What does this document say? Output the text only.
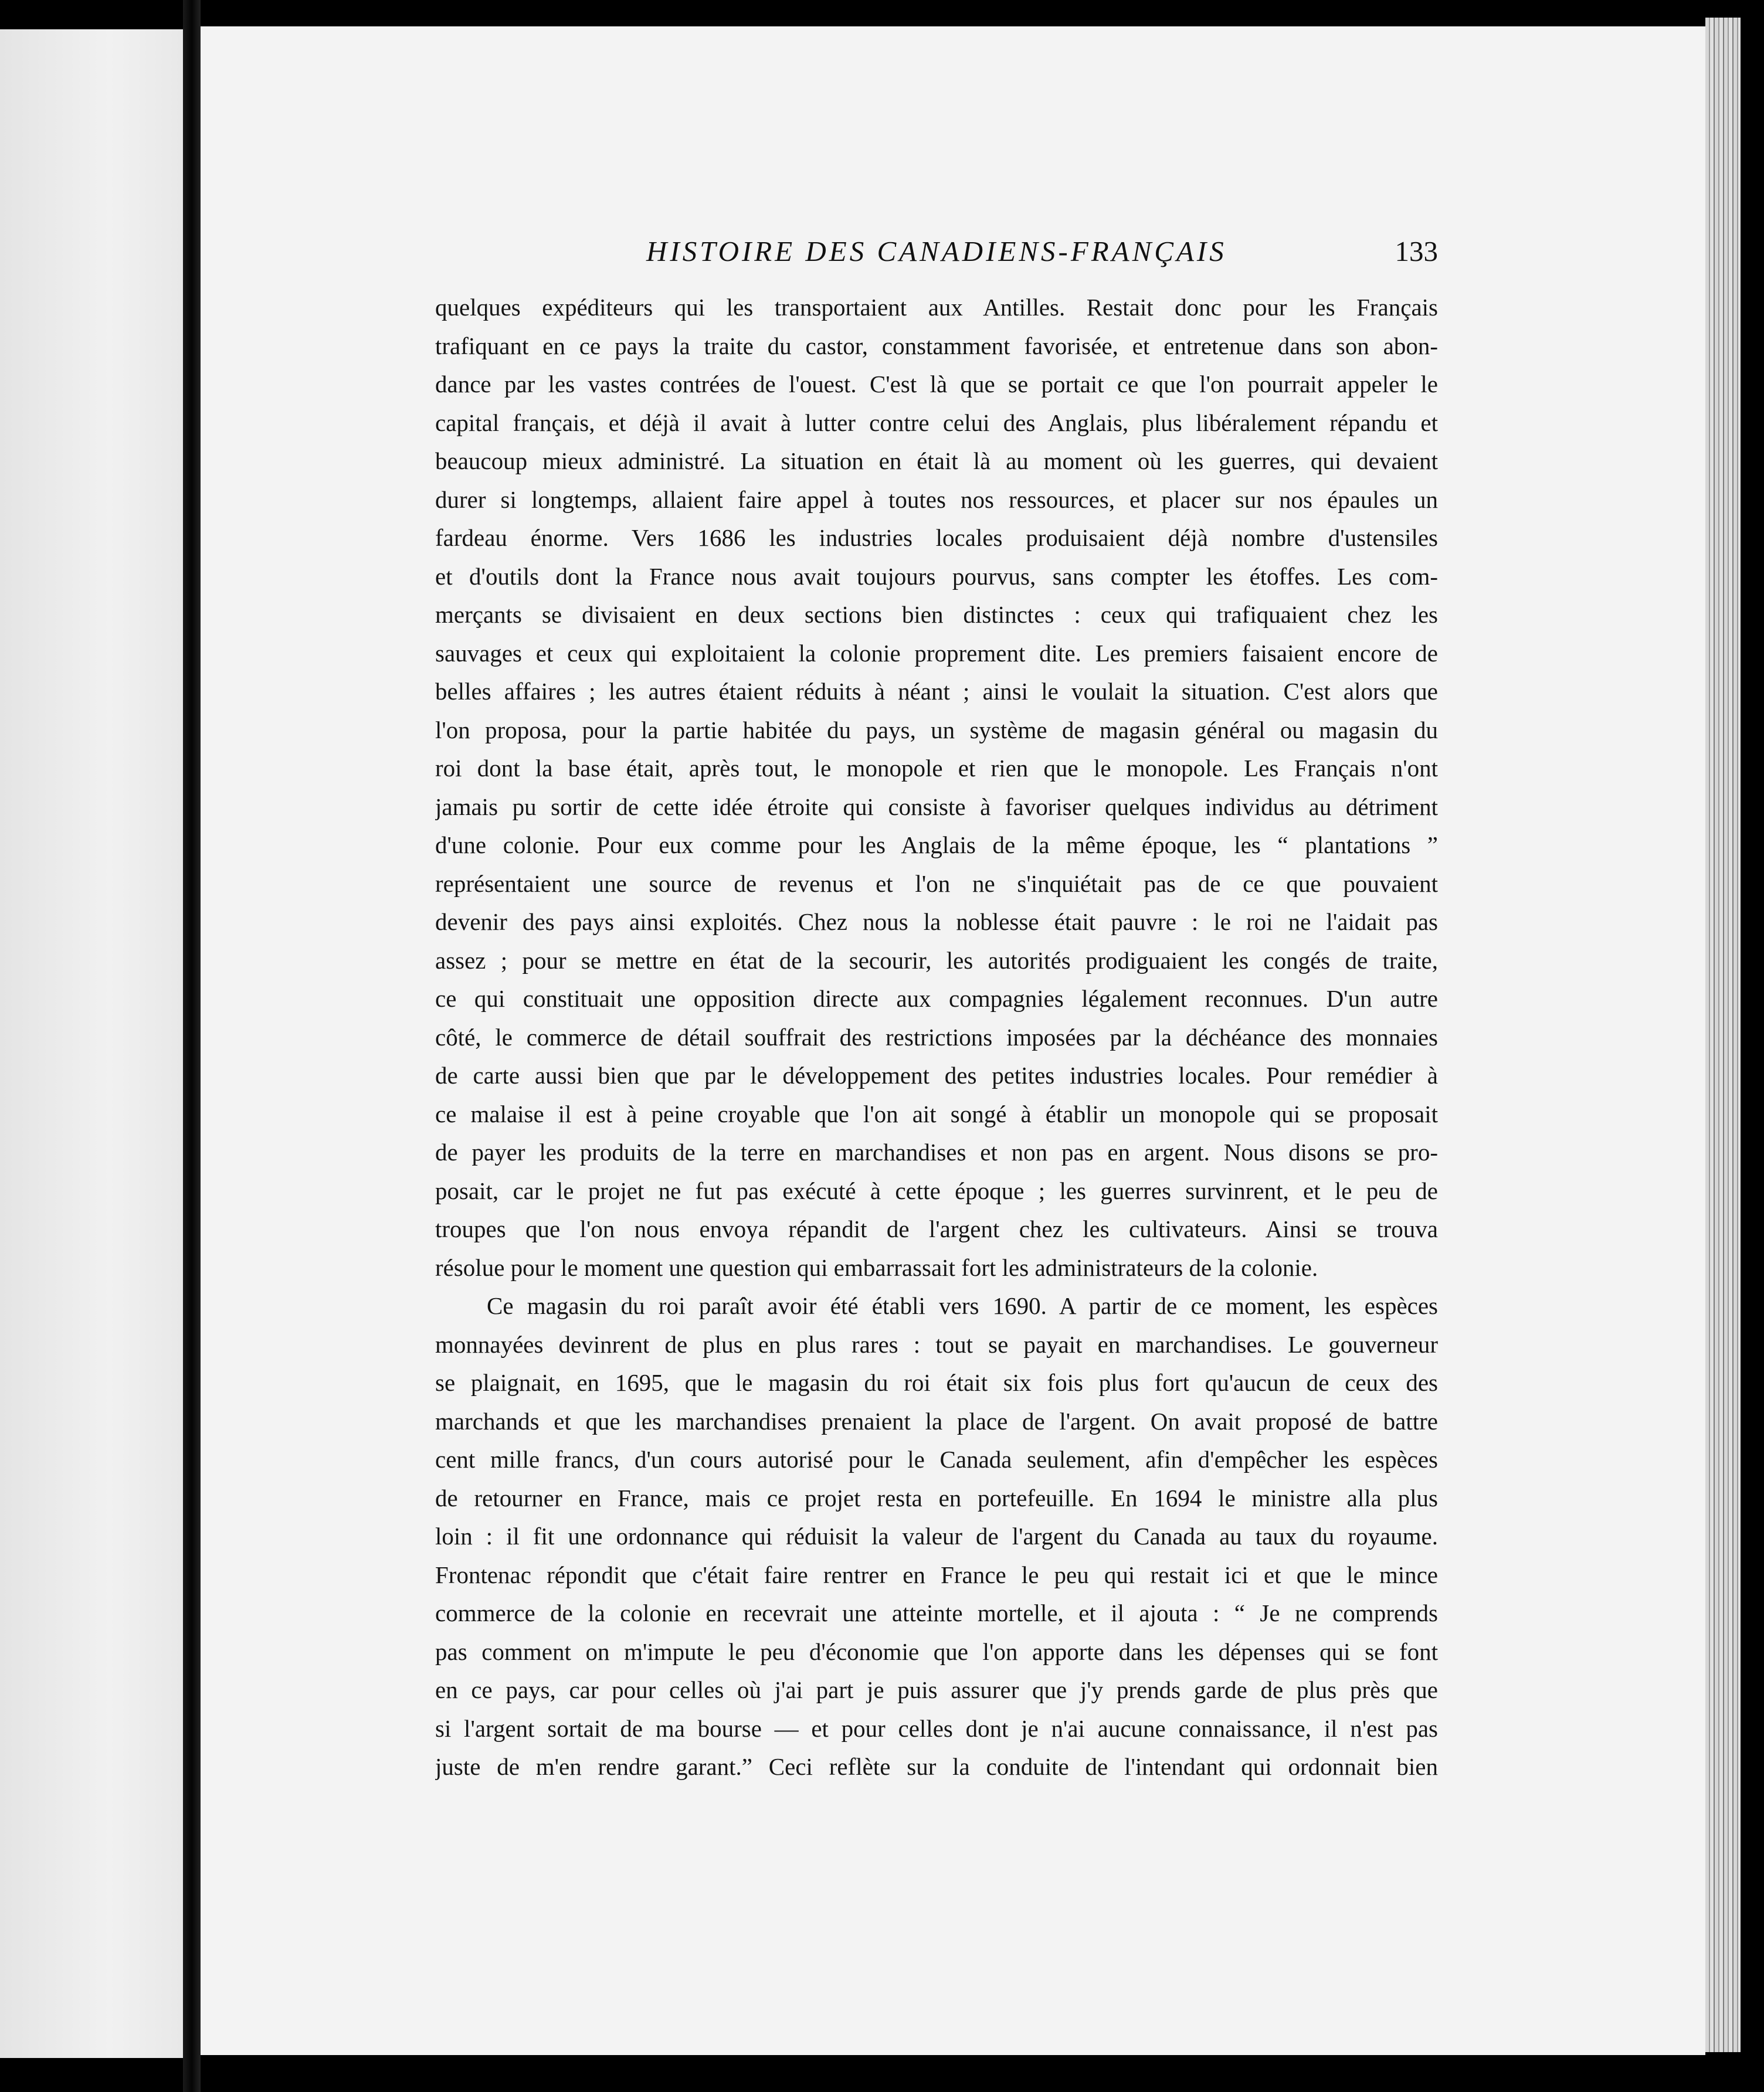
HISTOIRE DES CANADIENS-FRANÇAIS	133
quelques expéditeurs qui les transportaient aux Antilles. Restait donc pour les Français
trafiquant en ce pays la traite du castor, constamment favorisée, et entretenue dans son abon-
dance par les vastes contrées de l'ouest. C'est là que se portait ce que l'on pourrait appeler le
capital français, et déjà il avait à lutter contre celui des Anglais, plus libéralement répandu et
beaucoup mieux administré. La situation en était là au moment où les guerres, qui devaient
durer si longtemps, allaient faire appel à toutes nos ressources, et placer sur nos épaules un
fardeau énorme. Vers 1686 les industries locales produisaient déjà nombre d'ustensiles
et d'outils dont la France nous avait toujours pourvus, sans compter les étoffes. Les com-
merçants se divisaient en deux sections bien distinctes : ceux qui trafiquaient chez les
sauvages et ceux qui exploitaient la colonie proprement dite. Les premiers faisaient encore de
belles affaires ; les autres étaient réduits à néant ; ainsi le voulait la situation. C'est alors que
l'on proposa, pour la partie habitée du pays, un système de magasin général ou magasin du
roi dont la base était, après tout, le monopole et rien que le monopole. Les Français n'ont
jamais pu sortir de cette idée étroite qui consiste à favoriser quelques individus au détriment
d'une colonie. Pour eux comme pour les Anglais de la même époque, les “ plantations ”
représentaient une source de revenus et l'on ne s'inquiétait pas de ce que pouvaient
devenir des pays ainsi exploités. Chez nous la noblesse était pauvre : le roi ne l'aidait pas
assez ; pour se mettre en état de la secourir, les autorités prodiguaient les congés de traite,
ce qui constituait une opposition directe aux compagnies légalement reconnues. D'un autre
côté, le commerce de détail souffrait des restrictions imposées par la déchéance des monnaies
de carte aussi bien que par le développement des petites industries locales. Pour remédier à
ce malaise il est à peine croyable que l'on ait songé à établir un monopole qui se proposait
de payer les produits de la terre en marchandises et non pas en argent. Nous disons se pro-
posait, car le projet ne fut pas exécuté à cette époque ; les guerres survinrent, et le peu de
troupes que l'on nous envoya répandit de l'argent chez les cultivateurs. Ainsi se trouva
résolue pour le moment une question qui embarrassait fort les administrateurs de la colonie.
Ce magasin du roi paraît avoir été établi vers 1690. A partir de ce moment, les espèces
monnayées devinrent de plus en plus rares : tout se payait en marchandises. Le gouverneur
se plaignait, en 1695, que le magasin du roi était six fois plus fort qu'aucun de ceux des
marchands et que les marchandises prenaient la place de l'argent. On avait proposé de battre
cent mille francs, d'un cours autorisé pour le Canada seulement, afin d'empêcher les espèces
de retourner en France, mais ce projet resta en portefeuille. En 1694 le ministre alla plus
loin : il fit une ordonnance qui réduisit la valeur de l'argent du Canada au taux du royaume.
Frontenac répondit que c'était faire rentrer en France le peu qui restait ici et que le mince
commerce de la colonie en recevrait une atteinte mortelle, et il ajouta : “ Je ne comprends
pas comment on m'impute le peu d'économie que l'on apporte dans les dépenses qui se font
en ce pays, car pour celles où j'ai part je puis assurer que j'y prends garde de plus près que
si l'argent sortait de ma bourse — et pour celles dont je n'ai aucune connaissance, il n'est pas
juste de m'en rendre garant.” Ceci reflète sur la conduite de l'intendant qui ordonnait bien
